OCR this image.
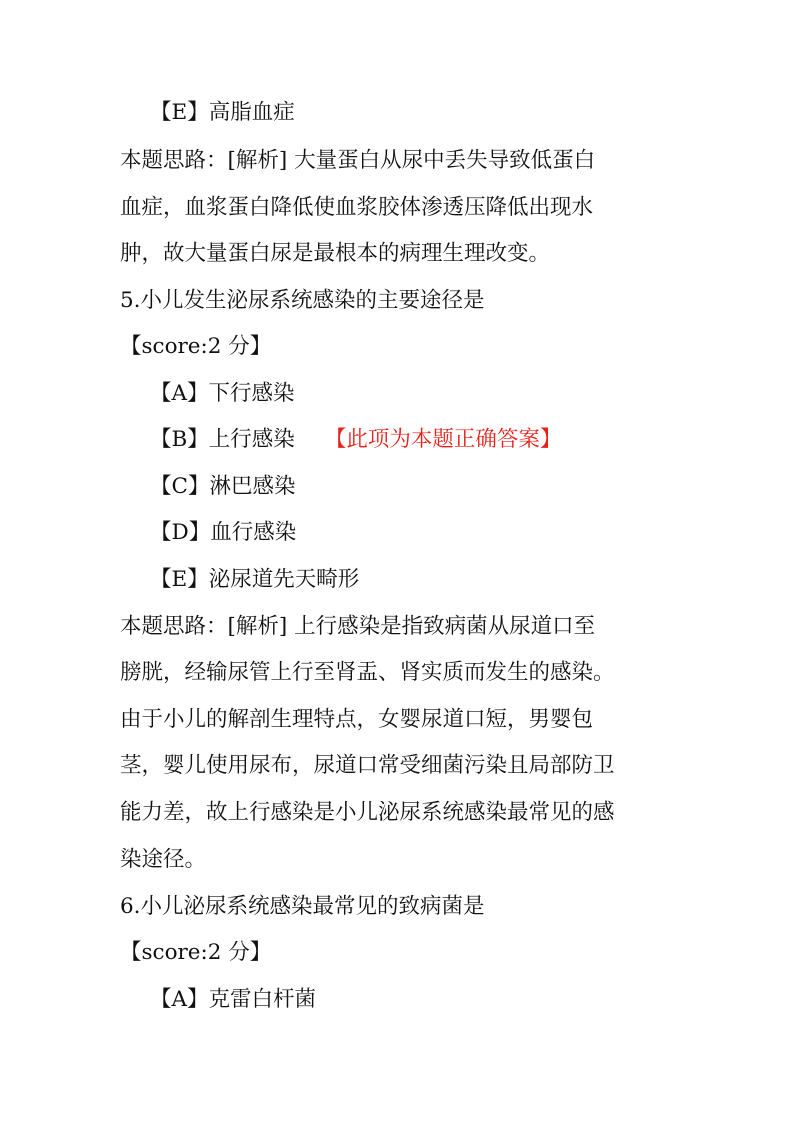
【E】高脂血症
本题思路：[解析] 大量蛋白从尿中丢失导致低蛋白
血症，血浆蛋白降低使血浆胶体渗透压降低出现水
肿，故大量蛋白尿是最根本的病理生理改变。
5.小儿发生泌尿系统感染的主要途径是
【score:2 分】
【A】下行感染
【B】上行感染 【此项为本题正确答案】
【C】淋巴感染
【D】血行感染
【E】泌尿道先天畸形
本题思路：[解析] 上行感染是指致病菌从尿道口至
膀胱，经输尿管上行至肾盂、肾实质而发生的感染。
由于小儿的解剖生理特点，女婴尿道口短，男婴包
茎，婴儿使用尿布，尿道口常受细菌污染且局部防卫
能力差，故上行感染是小儿泌尿系统感染最常见的感
染途径。
6.小儿泌尿系统感染最常见的致病菌是
【score:2 分】
【A】克雷白杆菌
